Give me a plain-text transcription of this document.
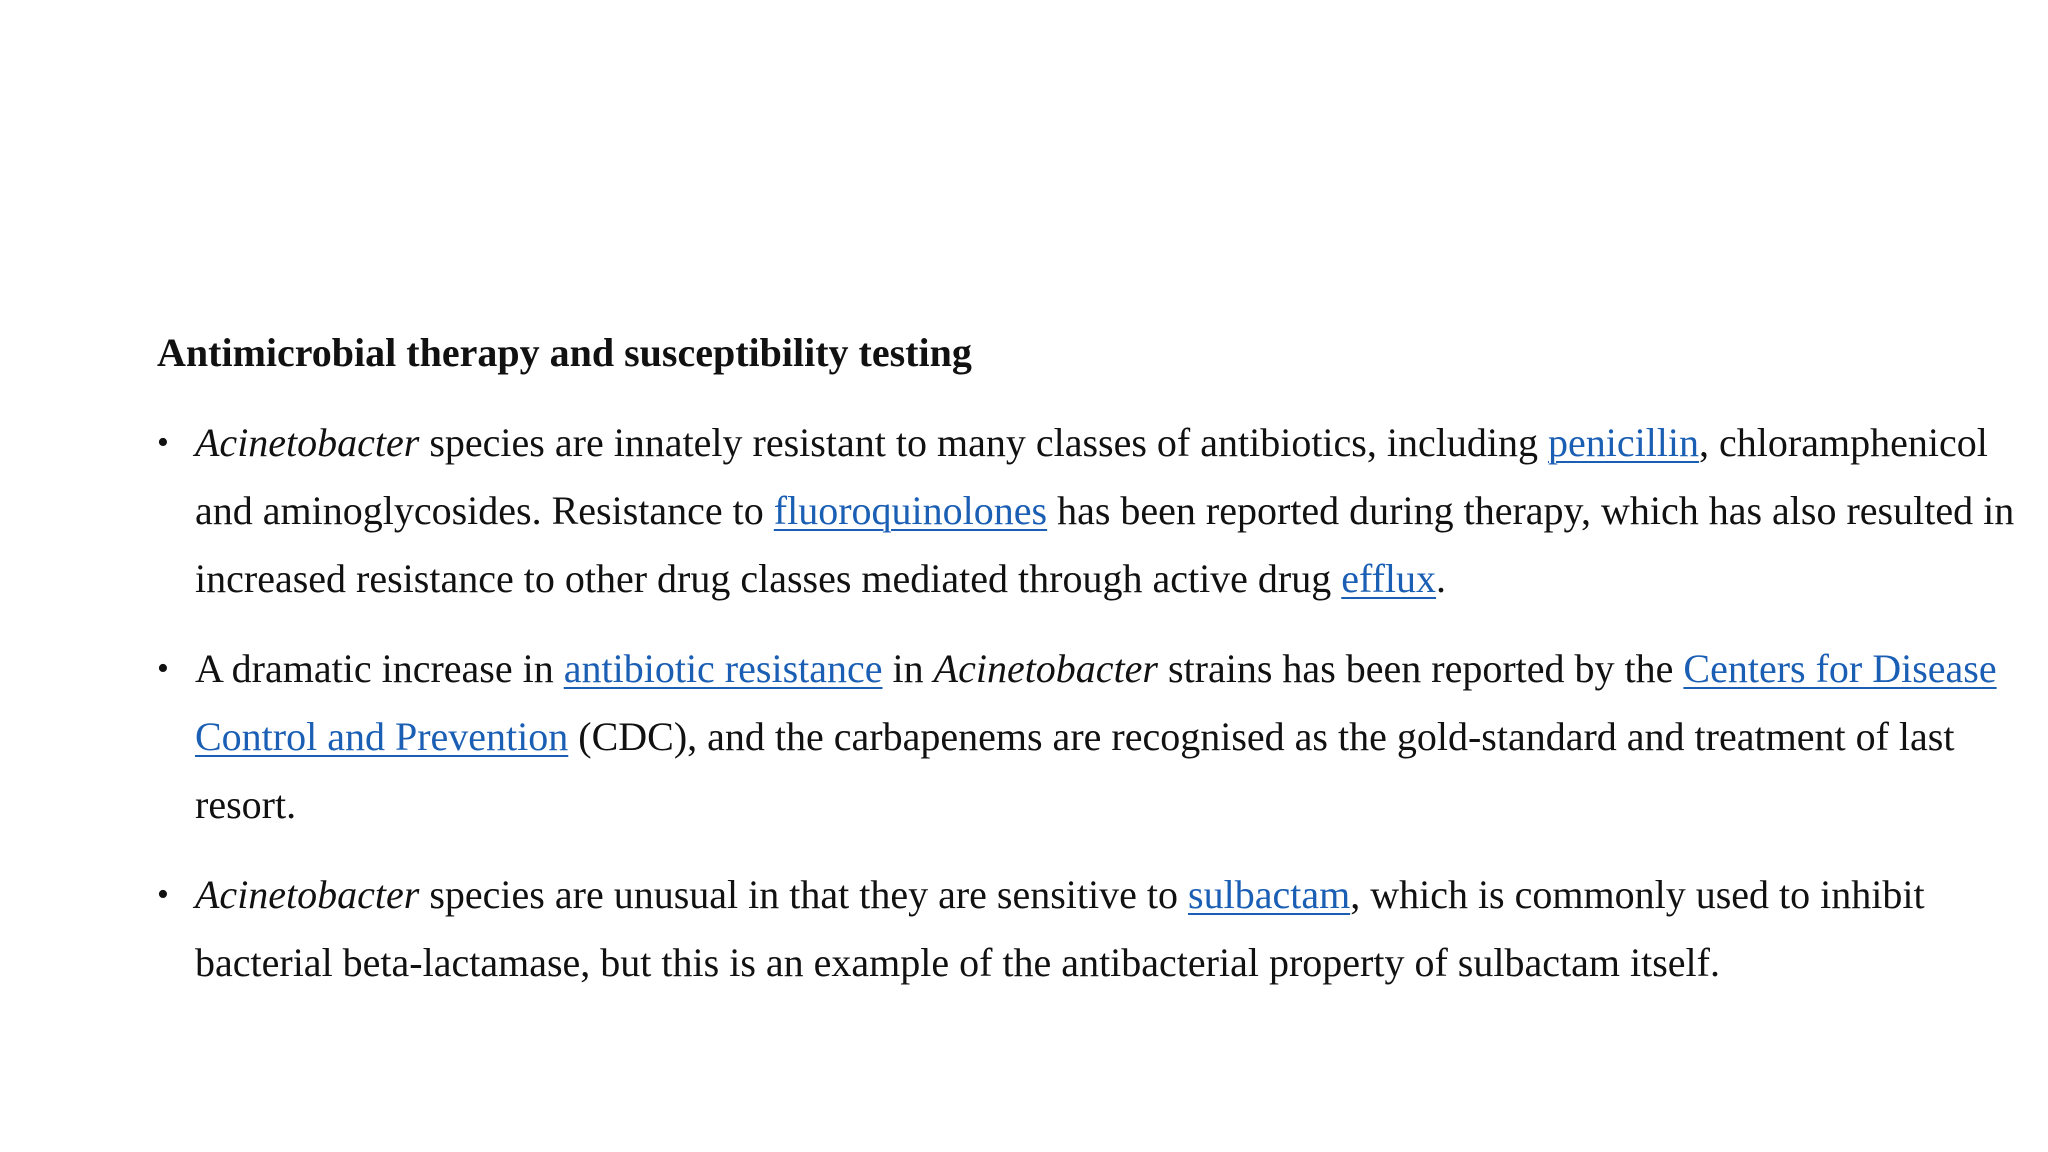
Antimicrobial therapy and susceptibility testing
• Acinetobacter species are innately resistant to many classes of antibiotics, including penicillin, chloramphenicol and aminoglycosides. Resistance to fluoroquinolones has been reported during therapy, which has also resulted in increased resistance to other drug classes mediated through active drug efflux.
• A dramatic increase in antibiotic resistance in Acinetobacter strains has been reported by the Centers for Disease Control and Prevention (CDC), and the carbapenems are recognised as the gold-standard and treatment of last resort.
• Acinetobacter species are unusual in that they are sensitive to sulbactam, which is commonly used to inhibit bacterial beta-lactamase, but this is an example of the antibacterial property of sulbactam itself.
